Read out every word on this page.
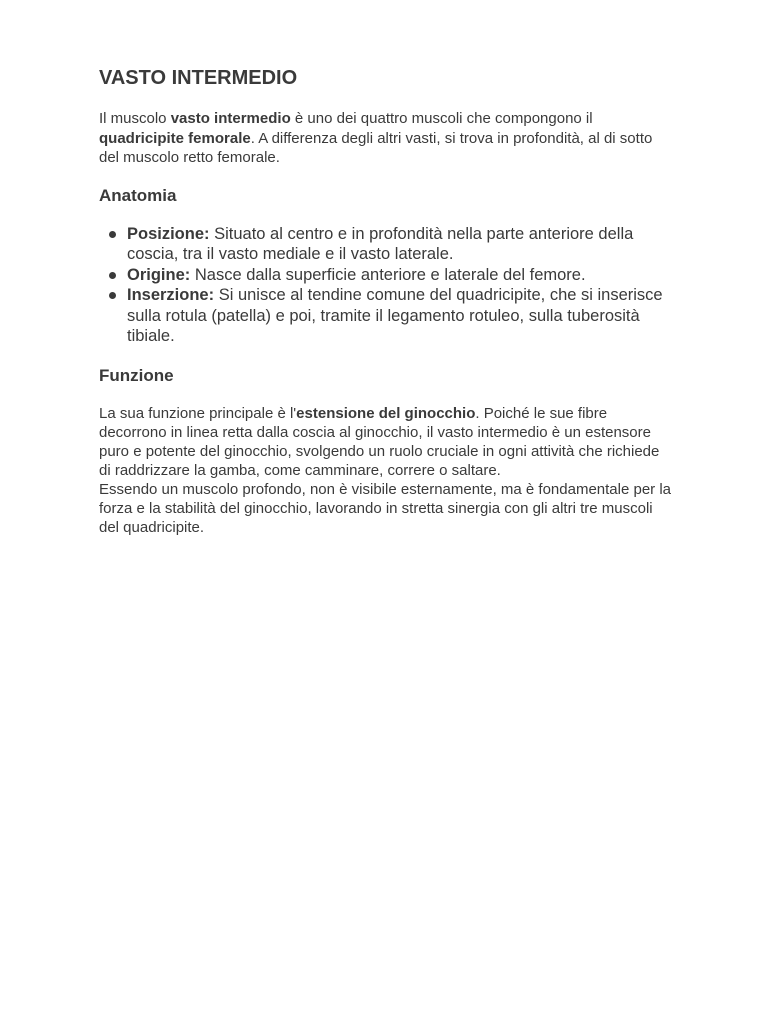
VASTO INTERMEDIO

Il muscolo vasto intermedio è uno dei quattro muscoli che compongono il quadricipite femorale. A differenza degli altri vasti, si trova in profondità, al di sotto del muscolo retto femorale.

Anatomia
Posizione: Situato al centro e in profondità nella parte anteriore della coscia, tra il vasto mediale e il vasto laterale.
Origine: Nasce dalla superficie anteriore e laterale del femore.
Inserzione: Si unisce al tendine comune del quadricipite, che si inserisce sulla rotula (patella) e poi, tramite il legamento rotuleo, sulla tuberosità tibiale.
Funzione

La sua funzione principale è l'estensione del ginocchio. Poiché le sue fibre decorrono in linea retta dalla coscia al ginocchio, il vasto intermedio è un estensore puro e potente del ginocchio, svolgendo un ruolo cruciale in ogni attività che richiede di raddrizzare la gamba, come camminare, correre o saltare.
Essendo un muscolo profondo, non è visibile esternamente, ma è fondamentale per la forza e la stabilità del ginocchio, lavorando in stretta sinergia con gli altri tre muscoli del quadricipite.
